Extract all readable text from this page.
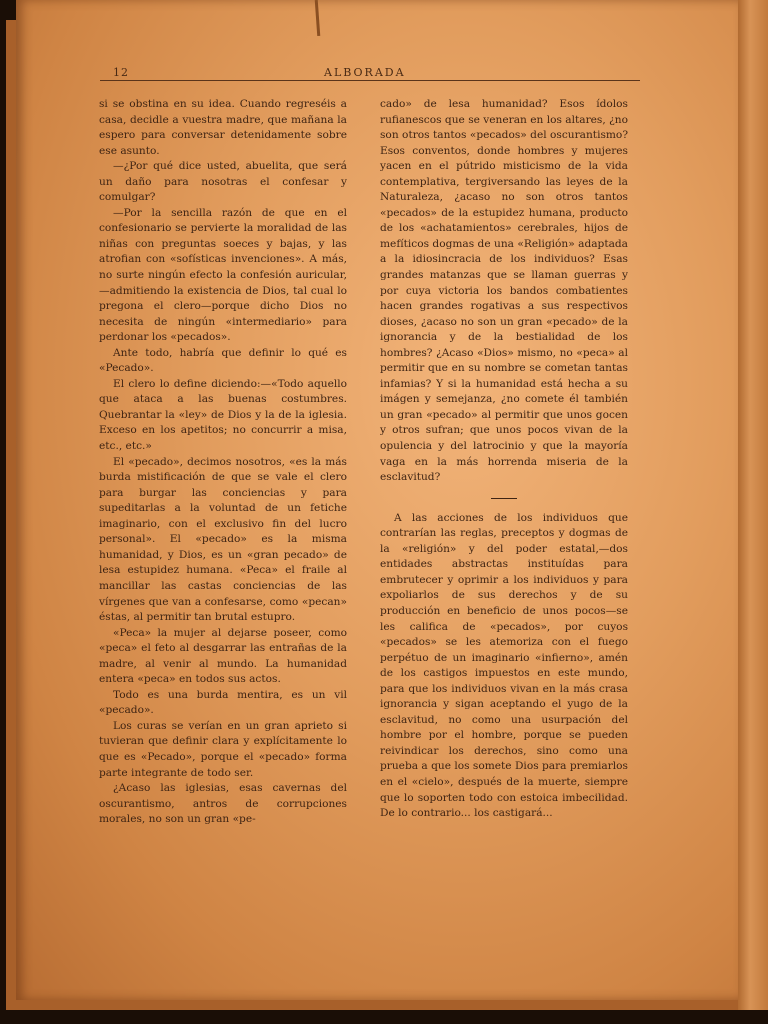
12	ALBORADA

si se obstina en su idea. Cuando regreséis a casa, decidle a vuestra madre, que mañana la espero para conversar detenidamente sobre ese asunto.

—¿Por qué dice usted, abuelita, que será un daño para nosotras el confesar y comulgar?

—Por la sencilla razón de que en el confesionario se pervierte la moralidad de las niñas con preguntas soeces y bajas, y las atrofian con «sofísticas invenciones». A más, no surte ningún efecto la confesión auricular,—admitiendo la existencia de Dios, tal cual lo pregona el clero—porque dicho Dios no necesita de ningún «intermediario» para perdonar los «pecados».

Ante todo, habría que definir lo qué es «Pecado».

El clero lo define diciendo:—«Todo aquello que ataca a las buenas costumbres. Quebrantar la «ley» de Dios y la de la iglesia. Exceso en los apetitos; no concurrir a misa, etc., etc.»

El «pecado», decimos nosotros, «es la más burda mistificación de que se vale el clero para burgar las conciencias y para supeditarlas a la voluntad de un fetiche imaginario, con el exclusivo fin del lucro personal». El «pecado» es la misma humanidad, y Dios, es un «gran pecado» de lesa estupidez humana. «Peca» el fraile al mancillar las castas conciencias de las vírgenes que van a confesarse, como «pecan» éstas, al permitir tan brutal estupro.

«Peca» la mujer al dejarse poseer, como «peca» el feto al desgarrar las entrañas de la madre, al venir al mundo. La humanidad entera «peca» en todos sus actos.

Todo es una burda mentira, es un vil «pecado».

Los curas se verían en un gran aprieto si tuvieran que definir clara y explícitamente lo que es «Pecado», porque el «pecado» forma parte integrante de todo ser.

¿Acaso las iglesias, esas cavernas del oscurantismo, antros de corrupciones morales, no son un gran «pe-

cado» de lesa humanidad? Esos ídolos rufianescos que se veneran en los altares, ¿no son otros tantos «pecados» del oscurantismo? Esos conventos, donde hombres y mujeres yacen en el pútrido misticismo de la vida contemplativa, tergiversando las leyes de la Naturaleza, ¿acaso no son otros tantos «pecados» de la estupidez humana, producto de los «achatamientos» cerebrales, hijos de mefíticos dogmas de una «Religión» adaptada a la idiosincracia de los individuos? Esas grandes matanzas que se llaman guerras y por cuya victoria los bandos combatientes hacen grandes rogativas a sus respectivos dioses, ¿acaso no son un gran «pecado» de la ignorancia y de la bestialidad de los hombres? ¿Acaso «Dios» mismo, no «peca» al permitir que en su nombre se cometan tantas infamias? Y si la humanidad está hecha a su imágen y semejanza, ¿no comete él también un gran «pecado» al permitir que unos gocen y otros sufran; que unos pocos vivan de la opulencia y del latrocinio y que la mayoría vaga en la más horrenda miseria de la esclavitud?

A las acciones de los individuos que contrarían las reglas, preceptos y dogmas de la «religión» y del poder estatal,—dos entidades abstractas instituídas para embrutecer y oprimir a los individuos y para expoliarlos de sus derechos y de su producción en beneficio de unos pocos—se les califica de «pecados», por cuyos «pecados» se les atemoriza con el fuego perpétuo de un imaginario «infierno», amén de los castigos impuestos en este mundo, para que los individuos vivan en la más crasa ignorancia y sigan aceptando el yugo de la esclavitud, no como una usurpación del hombre por el hombre, porque se pueden reivindicar los derechos, sino como una prueba a que los somete Dios para premiarlos en el «cielo», después de la muerte, siempre que lo soporten todo con estoica imbecilidad. De lo contrario... los castigará...
